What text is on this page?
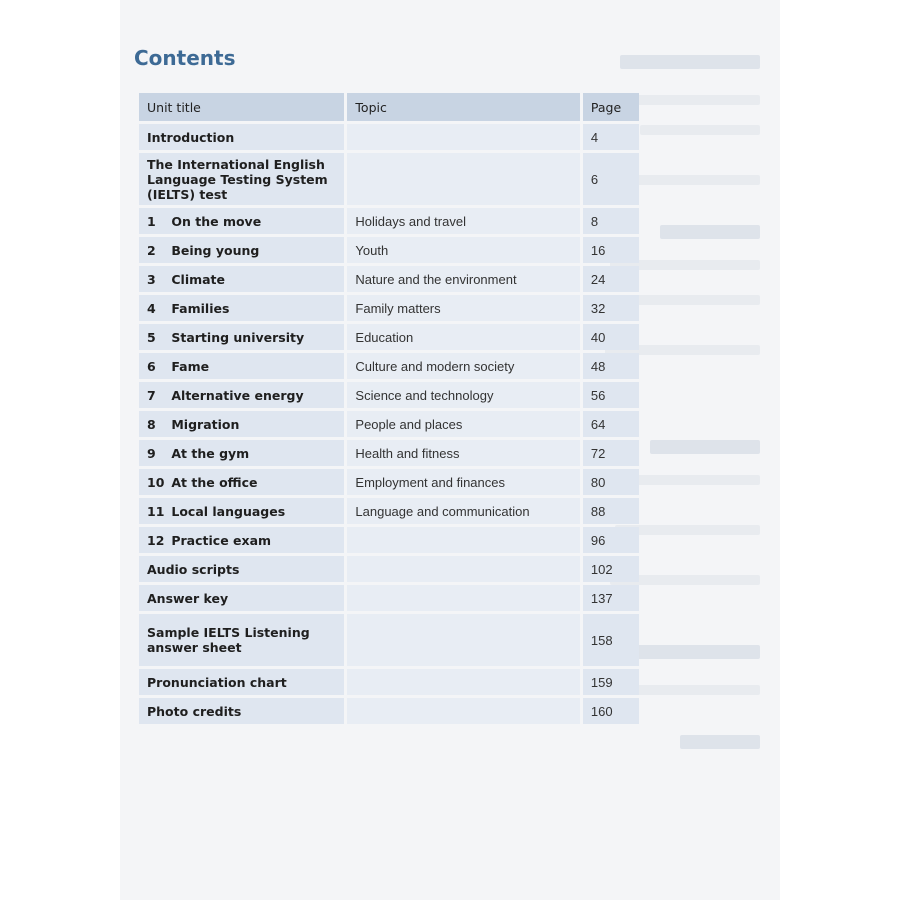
Contents
Unit title	Topic	Page
Introduction		4
The International English
Language Testing System
(IELTS) test		6
1 On the move	Holidays and travel	8
2 Being young	Youth	16
3 Climate	Nature and the environment	24
4 Families	Family matters	32
5 Starting university	Education	40
6 Fame	Culture and modern society	48
7 Alternative energy	Science and technology	56
8 Migration	People and places	64
9 At the gym	Health and fitness	72
10 At the office	Employment and finances	80
11 Local languages	Language and communication	88
12 Practice exam		96
Audio scripts		102
Answer key		137
Sample IELTS Listening
answer sheet		158
Pronunciation chart		159
Photo credits		160
